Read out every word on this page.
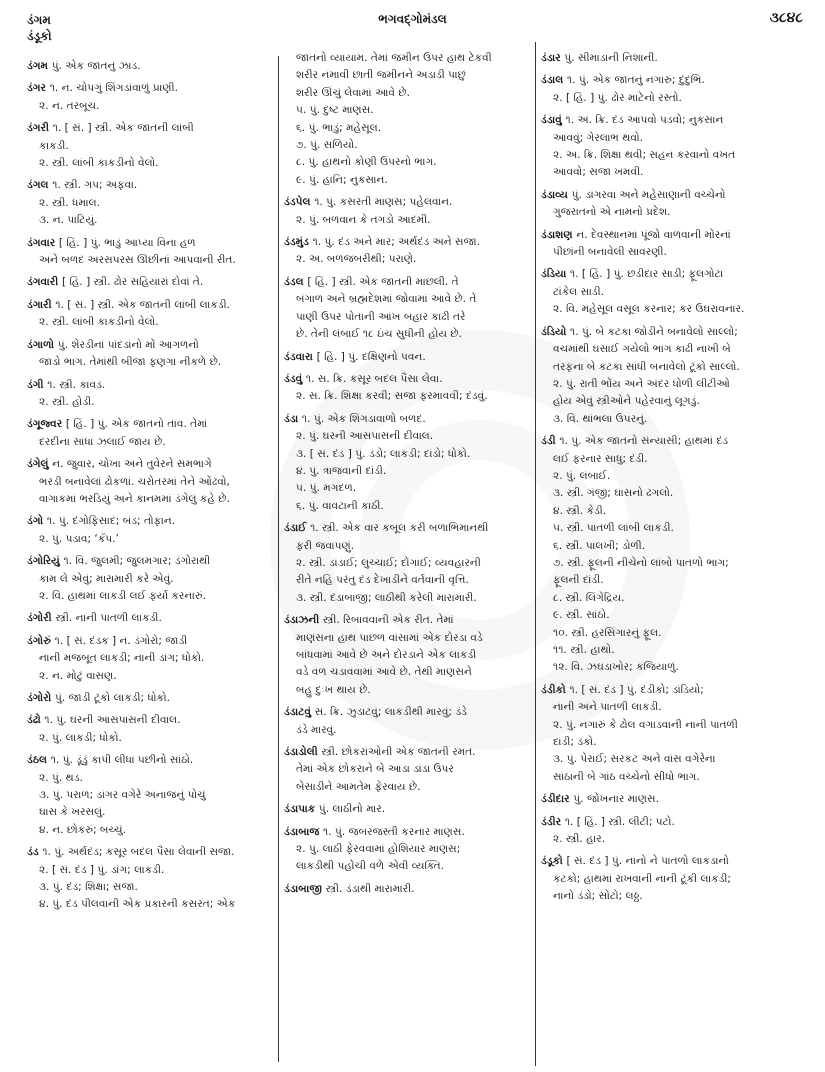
ડંગમ
ડંડૂકો
ભગવદ્ગોમંડલ	૩૮૪૮
ડંગમ પું. એક જાતનું ઝાડ.
ડંગર ૧. ન. ચોપગું શિંગડાંવાળું પ્રાણી.
૨. ન. તરબૂચ.
ડંગરી ૧. [ સં. ] સ્ત્રી. એક જાતની લાંબી
કાકડી.
૨. સ્ત્રી. લાંબી કાકડીનો વેલો.
ડંગલ ૧. સ્ત્રી. ગપ; અફવા.
૨. સ્ત્રી. ધમાલ.
૩. ન. પાટિયું.
ડંગવાર [ હિં. ] પું. ભાડું આપ્યા વિના હળ
અને બળદ અરસપરસ ઊછીનાં આપવાની રીત.
ડંગવારી [ હિં. ] સ્ત્રી. ઢોર સહિયારાં દોવાં તે.
ડંગારી ૧. [ સં. ] સ્ત્રી. એક જાતની લાંબી લાકડી.
૨. સ્ત્રી. લાંબી કાકડીનો વેલો.
ડંગાળો પું. શેરડીનાં પાંદડાંનો મોં આગળનો
જાડો ભાગ. તેમાંથી બીજા ફણગા નીકળે છે.
ડંગી ૧. સ્ત્રી. કાવડ.
૨. સ્ત્રી. હોડી.
ડંગૂજ્વર [ હિં. ] પું. એક જાતનો તાવ. તેમાં
દરદીના સાંધા ઝલાઈ જાય છે.
ડંગેલું ન. જુવાર, ચોખા અને તુવેરને સમભાગે
ભરડી બનાવેલાં ઢોકળાં. ચરોતરમાં તેને ઓંઢવો,
વાગાકમાં ભરડિયું અને કાનમમાં ડંગેલું કહે છે.
ડંગો ૧. પું. દંગોફિસાદ; બંડ; તોફાન.
૨. પું. પડાવ; ‘કૅંપ.’
ડંગોરિયું ૧. વિ. જુલમી; જુલમગાર; ડંગોરાથી
કામ લે એવું; મારામારી કરે એવું.
૨. વિ. હાથમાં લાકડી લઈ ફર્યા કરનારું.
ડંગોરી સ્ત્રી. નાની પાતળી લાકડી.
ડંગોરું ૧. [ સં. દંડક ] ન. ડંગોરો; જાડી
નાની મજબૂત લાકડી; નાની ડાંગ; ધોકો.
૨. ન. મોટું વાસણ.
ડંગોરો પું. જાડી ટૂંકો લાકડી; ધોકો.
ડંઢો ૧. પું. ઘરની આસપાસની દીવાલ.
૨. પું. લાકડી; ધોકો.
ડંઠલ ૧. પું. ડૂંડું કાપી લીધા પછીનો સાંઠો.
૨. પું. થડ.
૩. પું. પરાળ; ડાંગર વગેરે અનાજનું પોચું
ઘાસ કે ખરસલું.
૪. ન. છોકરું; બચ્ચું.
ડંડ ૧. પું. અર્થદંડ; કસૂર બદલ પૈસા લેવાની સજા.
૨. [ સં. દંડ ] પું. ડાંગ; લાકડી.
૩. પું. દંડ; શિક્ષા; સજા.
૪. પું. દંડ પીલવાની એક પ્રકારની કસરત; એક
જાતનો વ્યાયામ. તેમાં જમીન ઉપર હાથ ટેકવી
શરીર નમાવી છાતી જમીનને અડાડી પાછું
શરીર ઊંચું લેવામાં આવે છે.
૫. પું. દુષ્ટ માણસ.
૬. પું. ભાડું; મહેસૂલ.
૭. પું. સળિયો.
૮. પું. હાથનો કોણી ઉપરનો ભાગ.
૯. પું. હાનિ; નુકસાન.
ડંડપેલ ૧. પું. કસરતી માણસ; પહેલવાન.
૨. પું. બળવાન કે તગડો આદમી.
ડંડમુંડ ૧. પું. દંડ અને માર; અર્થદંડ અને સજા.
૨. અ. બળજબરીથી; પરાણે.
ડંડલ [ હિં. ] સ્ત્રી. એક જાતની માછલી. તે
બંગાળ અને બ્રહ્મદેશમાં જોવામાં આવે છે. તે
પાણી ઉપર પોતાની આંખ બહાર કાઢી તરે
છે. તેની લંબાઈ ૧૮ ઇંચ સુધીની હોય છે.
ડંડવારા [ હિં. ] પું. દક્ષિણનો પવન.
ડંડવું ૧. સ. ક્રિ. કસૂર બદલ પૈસા લેવા.
૨. સ. ક્રિ. શિક્ષા કરવી; સજા ફરમાવવી; દંડવું.
ડંડા ૧. પું. એક શિંગડાવાળો બળદ.
૨. પું. ઘરની આસપાસની દીવાલ.
૩. [ સં. દંડ ] પું. ડંડો; લાકડી; દાંડો; ધોકો.
૪. પું. ત્રાજવાની દાંડી.
૫. પું. મગદળ.
૬. પું. વાવટાની કાઠી.
ડંડાઈ ૧. સ્ત્રી. એક વાર કબૂલ કરી બળાભિમાનથી
ફરી જવાપણું.
૨. સ્ત્રી. ડાંડાઈ; લુચ્ચાઈ; દોંગાઈ; વ્યવહારની
રીતે નહિ પરંતુ દંડ દેખાડીને વર્તવાની વૃત્તિ.
૩. સ્ત્રી. દંડાબાજી; લાઠીથી કરેલી મારામારી.
ડંડાઝની સ્ત્રી. રિબાવવાની એક રીત. તેમાં
માણસના હાથ પાછળ વાંસામાં એક દોરડા વડે
બાંધવામાં આવે છે અને દોરડાને એક લાકડી
વડે વળ ચડાવવામાં આવે છે. તેથી માણસને
બહુ દુઃખ થાય છે.
ડંડાટવું સ. ક્રિ. ઝુડાટવું; લાકડીથી મારવું; ડંડે
ડંડે મારવું.
ડંડાડોલી સ્ત્રી. છોકરાંઓની એક જાતની રમત.
તેમાં એક છોકરાને બે આડા ડાંડા ઉપર
બેસાડીને આમતેમ ફેરવાય છે.
ડંડાપાક પું. લાઠીનો માર.
ડંડાબાજ ૧. પું. જબરજસ્તી કરનાર માણસ.
૨. પું. લાઠી ફેરવવામાં હોશિયાર માણસ;
લાકડીથી પહોંચી વળે એવી વ્યક્તિ.
ડંડાબાજી સ્ત્રી. ડંડાથી મારામારી.
ડંડાર પું. સીમાડાની નિશાની.
ડંડાલ ૧. પું. એક જાતનું નગારું; દુંદુભિ.
૨. [ હિં. ] પું. ઢોર માટેનો રસ્તો.
ડંડાવું ૧. અ. ક્રિ. દંડ આપવો પડવો; નુકસાન
આવવું; ગેરલાભ થવો.
૨. અ. ક્રિ. શિક્ષા થવી; સહન કરવાનો વખત
આવવો; સજા ખમવી.
ડંડાવ્ય પું. ડાંગરવા અને મહેસાણાની વચ્ચેનો
ગુજરાતનો એ નામનો પ્રદેશ.
ડંડાશણ ન. દેવસ્થાનમાં પૂંજો વાળવાની મોરનાં
પીછાંની બનાવેલી સાવરણી.
ડંડિયા ૧. [ હિં. ] પું. છડીદાર સાડી; ફૂલગોટા
ટાંકેલ સાડી.
૨. વિ. મહેસૂલ વસૂલ કરનાર; કર ઉઘરાવનાર.
ડંડિયો ૧. પું. બે કટકા જોડીને બનાવેલો સાલ્લો;
વચમાંથી ઘસાઈ ગયેલો ભાગ કાઢી નાખી બે
તરફના બે કટકા સાંધી બનાવેલો ટૂંકો સાલ્લો.
૨. પું. રાતી ભોંય અને અંદર ધોળી લીટીઓ
હોય એવું સ્ત્રીઓને પહેરવાનું લૂગડું.
૩. વિ. થાંભલા ઉપરનું.
ડંડી ૧. પું. એક જાતનો સંન્યાસી; હાથમાં દંડ
લઈ ફરનાર સાધુ; દંડી.
૨. પું. લંબાઈ.
૩. સ્ત્રી. ગંજી; ઘાસનો ઢગલો.
૪. સ્ત્રી. કેડી.
૫. સ્ત્રી. પાતળી લાંબી લાકડી.
૬. સ્ત્રી. પાલખી; ડોળી.
૭. સ્ત્રી. ફૂલની નીચેનો લાંબો પાતળો ભાગ;
ફૂલની દાંડી.
૮. સ્ત્રી. લિંગેંદ્રિય.
૯. સ્ત્રી. સાંઠો.
૧૦. સ્ત્રી. હરસિંગારનું ફૂલ.
૧૧. સ્ત્રી. હાથો.
૧૨. વિ. ઝઘડાખોર; કજિયાળું.
ડંડીકો ૧. [ સં. દંડ ] પું. દંડીકો; ડાંડિયો;
નાની અને પાતળી લાકડી.
૨. પું. નગારું કે ઢોલ વગાડવાની નાની પાતળી
દાંડી; ડંકો.
૩. પું. પેરાઈ; સરકટ અને વાંસ વગેરેના
સાંઠાની બે ગાંઠ વચ્ચેનો સીધો ભાગ.
ડંડીદાર પું. જોખનાર માણસ.
ડંડીર ૧. [ હિં. ] સ્ત્રી. લીટી; પટો.
૨. સ્ત્રી. હાર.
ડંડૂકો [ સં. દંડ ] પું. નાનો ને પાતળો લાકડાનો
કટકો; હાથમાં રાખવાની નાની ટૂંકી લાકડી;
નાનો ડંડો; સોટો; લઠ્ઠ.
